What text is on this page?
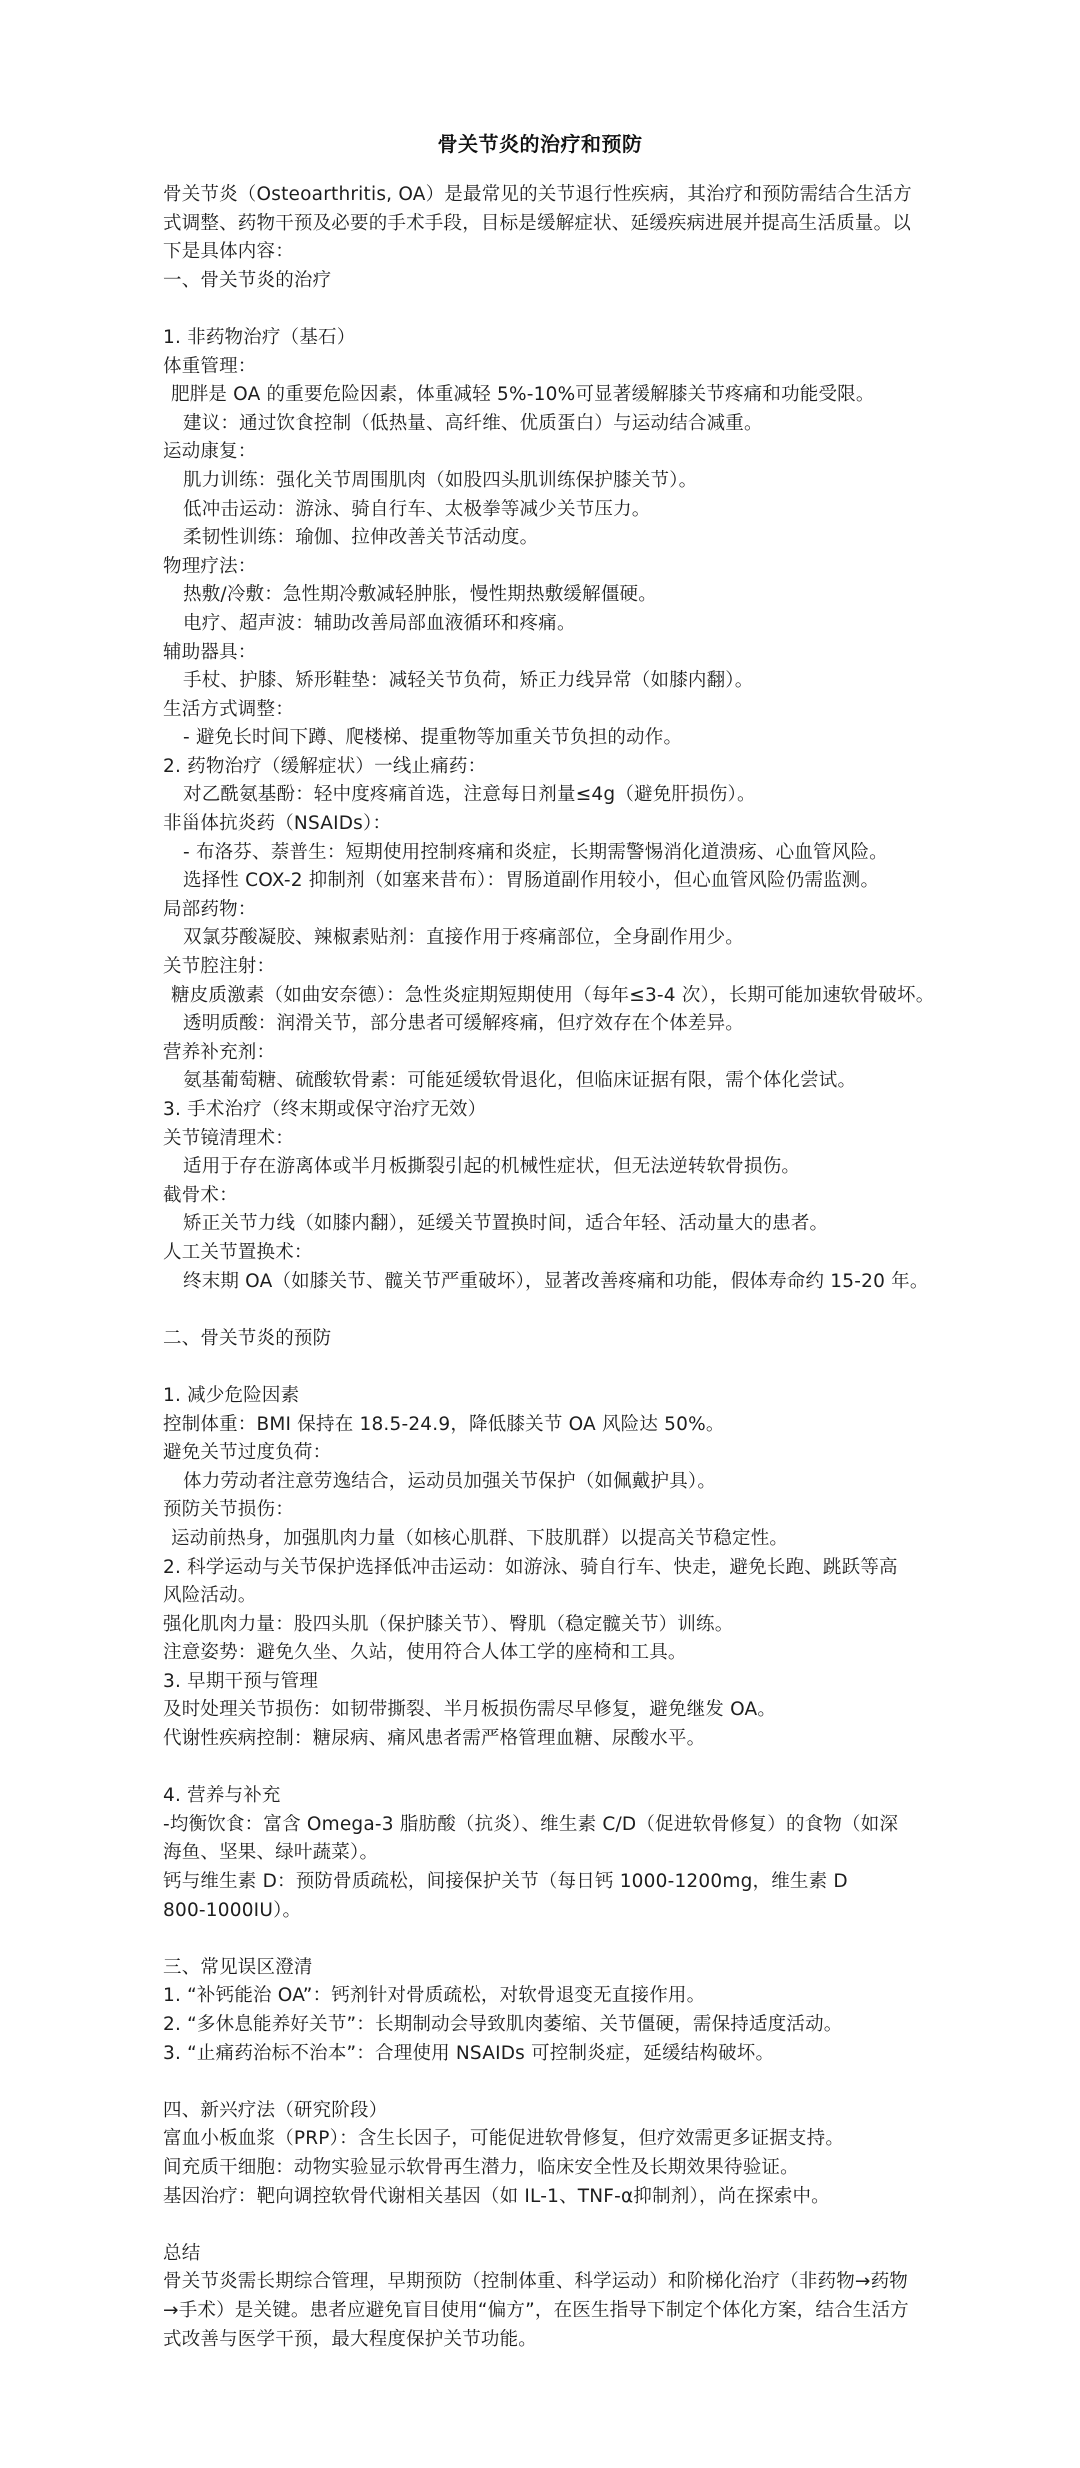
骨关节炎的治疗和预防
骨关节炎（Osteoarthritis, OA）是最常见的关节退行性疾病，其治疗和预防需结合生活方
式调整、药物干预及必要的手术手段，目标是缓解症状、延缓疾病进展并提高生活质量。以
下是具体内容：
一、骨关节炎的治疗
1. 非药物治疗（基石）
体重管理：
肥胖是 OA 的重要危险因素，体重减轻 5%-10%可显著缓解膝关节疼痛和功能受限。
建议：通过饮食控制（低热量、高纤维、优质蛋白）与运动结合减重。
运动康复：
肌力训练：强化关节周围肌肉（如股四头肌训练保护膝关节）。
低冲击运动：游泳、骑自行车、太极拳等减少关节压力。
柔韧性训练：瑜伽、拉伸改善关节活动度。
物理疗法：
热敷/冷敷：急性期冷敷减轻肿胀，慢性期热敷缓解僵硬。
电疗、超声波：辅助改善局部血液循环和疼痛。
辅助器具：
手杖、护膝、矫形鞋垫：减轻关节负荷，矫正力线异常（如膝内翻）。
生活方式调整：
- 避免长时间下蹲、爬楼梯、提重物等加重关节负担的动作。
2. 药物治疗（缓解症状）一线止痛药：
对乙酰氨基酚：轻中度疼痛首选，注意每日剂量≤4g（避免肝损伤）。
非甾体抗炎药（NSAIDs）：
- 布洛芬、萘普生：短期使用控制疼痛和炎症，长期需警惕消化道溃疡、心血管风险。
选择性 COX-2 抑制剂（如塞来昔布）：胃肠道副作用较小，但心血管风险仍需监测。
局部药物：
双氯芬酸凝胶、辣椒素贴剂：直接作用于疼痛部位，全身副作用少。
关节腔注射：
糖皮质激素（如曲安奈德）：急性炎症期短期使用（每年≤3-4 次），长期可能加速软骨破坏。
透明质酸：润滑关节，部分患者可缓解疼痛，但疗效存在个体差异。
营养补充剂：
氨基葡萄糖、硫酸软骨素：可能延缓软骨退化，但临床证据有限，需个体化尝试。
3. 手术治疗（终末期或保守治疗无效）
关节镜清理术：
适用于存在游离体或半月板撕裂引起的机械性症状，但无法逆转软骨损伤。
截骨术：
矫正关节力线（如膝内翻），延缓关节置换时间，适合年轻、活动量大的患者。
人工关节置换术：
终末期 OA（如膝关节、髋关节严重破坏），显著改善疼痛和功能，假体寿命约 15-20 年。
二、骨关节炎的预防
1. 减少危险因素
控制体重：BMI 保持在 18.5-24.9，降低膝关节 OA 风险达 50%。
避免关节过度负荷：
体力劳动者注意劳逸结合，运动员加强关节保护（如佩戴护具）。
预防关节损伤：
运动前热身，加强肌肉力量（如核心肌群、下肢肌群）以提高关节稳定性。
2. 科学运动与关节保护选择低冲击运动：如游泳、骑自行车、快走，避免长跑、跳跃等高
风险活动。
强化肌肉力量：股四头肌（保护膝关节）、臀肌（稳定髋关节）训练。
注意姿势：避免久坐、久站，使用符合人体工学的座椅和工具。
3. 早期干预与管理
及时处理关节损伤：如韧带撕裂、半月板损伤需尽早修复，避免继发 OA。
代谢性疾病控制：糖尿病、痛风患者需严格管理血糖、尿酸水平。
4. 营养与补充
-均衡饮食：富含 Omega-3 脂肪酸（抗炎）、维生素 C/D（促进软骨修复）的食物（如深
海鱼、坚果、绿叶蔬菜）。
钙与维生素 D：预防骨质疏松，间接保护关节（每日钙 1000-1200mg，维生素 D
800-1000IU）。
三、常见误区澄清
1. “补钙能治 OA”：钙剂针对骨质疏松，对软骨退变无直接作用。
2. “多休息能养好关节”：长期制动会导致肌肉萎缩、关节僵硬，需保持适度活动。
3. “止痛药治标不治本”：合理使用 NSAIDs 可控制炎症，延缓结构破坏。
四、新兴疗法（研究阶段）
富血小板血浆（PRP）：含生长因子，可能促进软骨修复，但疗效需更多证据支持。
间充质干细胞：动物实验显示软骨再生潜力，临床安全性及长期效果待验证。
基因治疗：靶向调控软骨代谢相关基因（如 IL-1、TNF-α抑制剂），尚在探索中。
总结
骨关节炎需长期综合管理，早期预防（控制体重、科学运动）和阶梯化治疗（非药物→药物
→手术）是关键。患者应避免盲目使用“偏方”，在医生指导下制定个体化方案，结合生活方
式改善与医学干预，最大程度保护关节功能。
